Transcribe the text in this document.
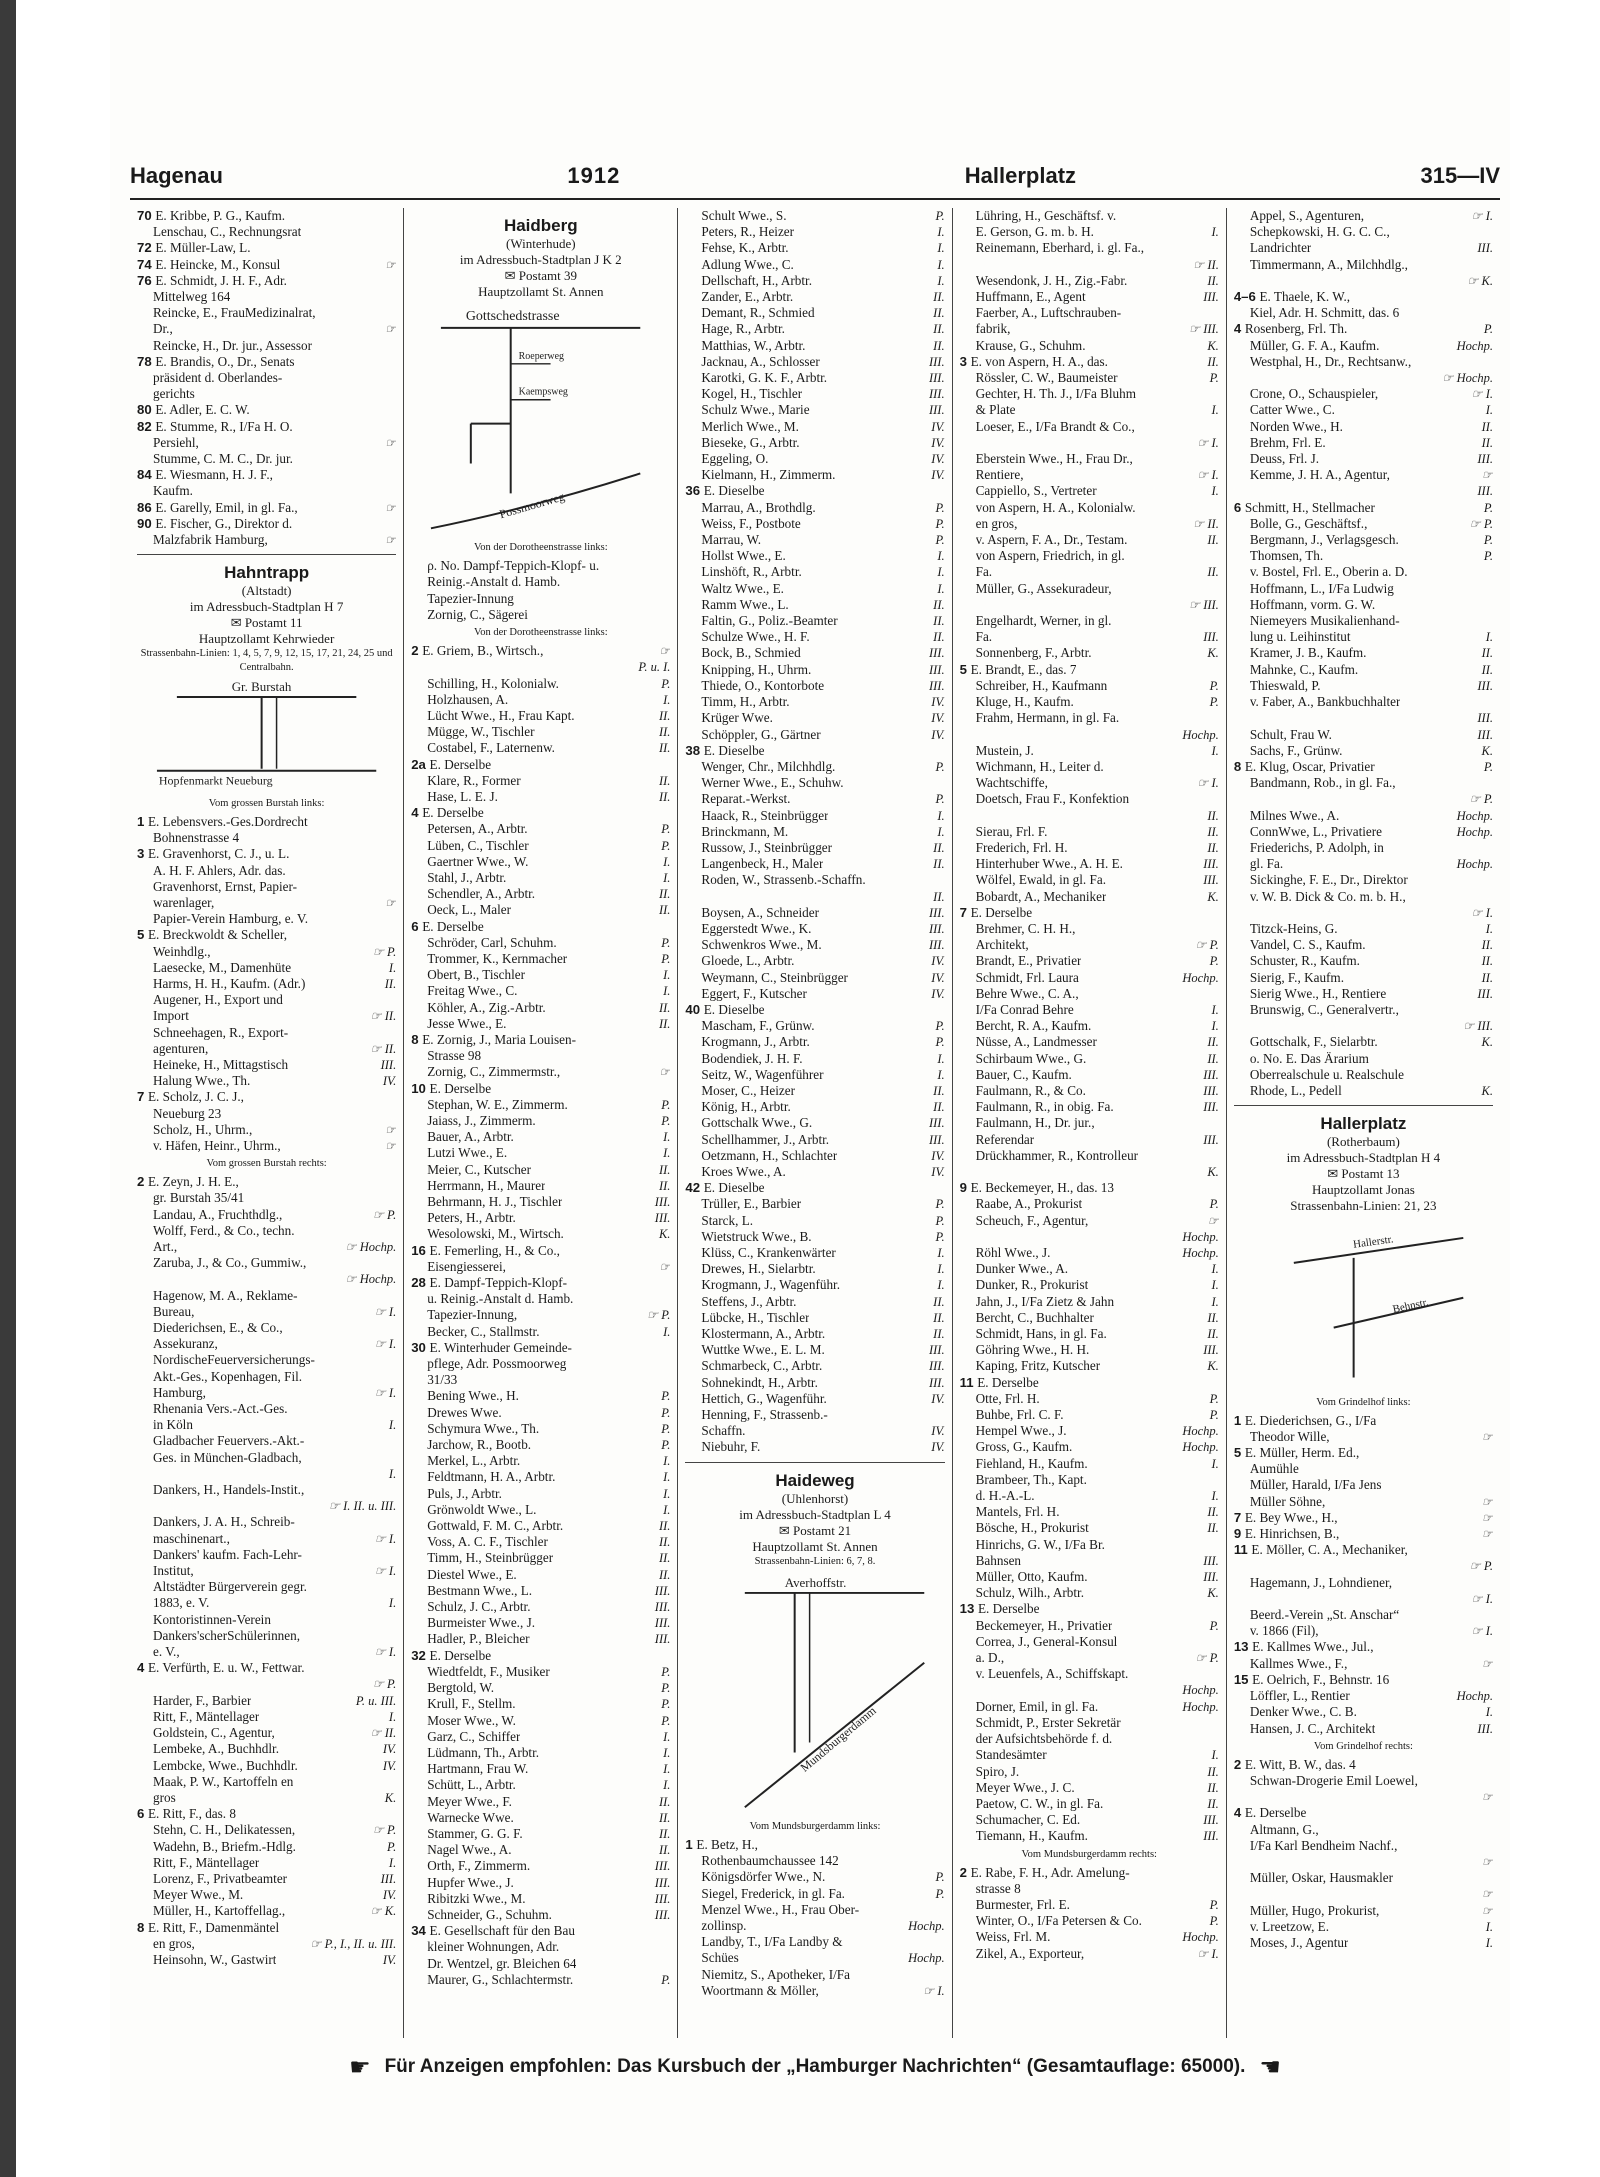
Hagenau	1912	Hallerplatz	315—IV
70 E. Kribbe, P. G., Kaufm.
Lenschau, C., Rechnungsrat
72 E. Müller-Law, L.
74 E. Heincke, M., Konsul	☞
76 E. Schmidt, J. H. F., Adr.
Mittelweg 164
Reincke, E., FrauMedizinalrat,
Dr.,	☞
Reincke, H., Dr. jur., Assessor
78 E. Brandis, O., Dr., Senats
präsident d. Oberlandes-
gerichts
80 E. Adler, E. C. W.
82 E. Stumme, R., I/Fa H. O.
Persiehl,	☞
Stumme, C. M. C., Dr. jur.
84 E. Wiesmann, H. J. F.,
Kaufm.
86 E. Garelly, Emil, in gl. Fa.,	☞
90 E. Fischer, G., Direktor d.
Malzfabrik Hamburg,	☞
Hahntrapp
(Altstadt)
im Adressbuch-Stadtplan H 7
✉ Postamt 11
Hauptzollamt Kehrwieder
Strassenbahn-Linien: 1, 4, 5, 7, 9, 12, 15, 17, 21, 24, 25 und Centralbahn.
Gr. Burstah
Hopfenmarkt Neueburg
Vom grossen Burstah links:
1 E. Lebensvers.-Ges.Dordrecht
Bohnenstrasse 4
3 E. Gravenhorst, C. J., u. L.
A. H. F. Ahlers, Adr. das.
Gravenhorst, Ernst, Papier-
warenlager,	☞
Papier-Verein Hamburg, e. V.
5 E. Breckwoldt & Scheller,
Weinhdlg.,	☞ P.
Laesecke, M., Damenhüte	I.
Harms, H. H., Kaufm. (Adr.)	II.
Augener, H., Export und
Import	☞ II.
Schneehagen, R., Export-
agenturen,	☞ II.
Heineke, H., Mittagstisch	III.
Halung Wwe., Th.	IV.
7 E. Scholz, J. C. J.,
Neueburg 23
Scholz, H., Uhrm.,	☞
v. Häfen, Heinr., Uhrm.,	☞
Vom grossen Burstah rechts:
2 E. Zeyn, J. H. E.,
gr. Burstah 35/41
Landau, A., Fruchthdlg.,	☞ P.
Wolff, Ferd., & Co., techn.
Art.,	☞ Hochp.
Zaruba, J., & Co., Gummiw.,
☞ Hochp.
Hagenow, M. A., Reklame-
Bureau,	☞ I.
Diederichsen, E., & Co.,
Assekuranz,	☞ I.
NordischeFeuerversicherungs-
Akt.-Ges., Kopenhagen, Fil.
Hamburg,	☞ I.
Rhenania Vers.-Act.-Ges.
in Köln	I.
Gladbacher Feuervers.-Akt.-
Ges. in München-Gladbach,
I.
Dankers, H., Handels-Instit.,
☞ I. II. u. III.
Dankers, J. A. H., Schreib-
maschinenart.,	☞ I.
Dankers' kaufm. Fach-Lehr-
Institut,	☞ I.
Altstädter Bürgerverein gegr.
1883, e. V.	I.
Kontoristinnen-Verein
Dankers'scherSchülerinnen,
e. V.,	☞ I.
4 E. Verfürth, E. u. W., Fettwar.
☞ P.
Harder, F., Barbier	P. u. III.
Ritt, F., Mäntellager	I.
Goldstein, C., Agentur,	☞ II.
Lembeke, A., Buchhdlr.	IV.
Lembcke, Wwe., Buchhdlr.	IV.
Maak, P. W., Kartoffeln en
gros	K.
6 E. Ritt, F., das. 8
Stehn, C. H., Delikatessen,	☞ P.
Wadehn, B., Briefm.-Hdlg.	P.
Ritt, F., Mäntellager	I.
Lorenz, F., Privatbeamter	III.
Meyer Wwe., M.	IV.
Müller, H., Kartoffellag.,	☞ K.
8 E. Ritt, F., Damenmäntel
en gros,	☞ P., I., II. u. III.
Heinsohn, W., Gastwirt	IV.
Haidberg
(Winterhude)
im Adressbuch-Stadtplan J K 2
✉ Postamt 39
Hauptzollamt St. Annen
Gottschedstrasse
Roeperweg
Kaempsweg
Possmoorweg
Von der Dorotheenstrasse links:
ρ. No. Dampf-Teppich-Klopf- u.
Reinig.-Anstalt d. Hamb.
Tapezier-Innung
Zornig, C., Sägerei
Von der Dorotheenstrasse links:
2 E. Griem, B., Wirtsch.,	☞
P. u. I.
Schilling, H., Kolonialw.	P.
Holzhausen, A.	I.
Lücht Wwe., H., Frau Kapt.	II.
Mügge, W., Tischler	II.
Costabel, F., Laternenw.	II.
2a E. Derselbe
Klare, R., Former	II.
Hase, L. E. J.	II.
4 E. Derselbe
Petersen, A., Arbtr.	P.
Lüben, C., Tischler	P.
Gaertner Wwe., W.	I.
Stahl, J., Arbtr.	I.
Schendler, A., Arbtr.	II.
Oeck, L., Maler	II.
6 E. Derselbe
Schröder, Carl, Schuhm.	P.
Trommer, K., Kernmacher	P.
Obert, B., Tischler	I.
Freitag Wwe., C.	I.
Köhler, A., Zig.-Arbtr.	II.
Jesse Wwe., E.	II.
8 E. Zornig, J., Maria Louisen-
Strasse 98
Zornig, C., Zimmermstr.,	☞
10 E. Derselbe
Stephan, W. E., Zimmerm.	P.
Jaiass, J., Zimmerm.	P.
Bauer, A., Arbtr.	I.
Lutzi Wwe., E.	I.
Meier, C., Kutscher	II.
Herrmann, H., Maurer	II.
Behrmann, H. J., Tischler	III.
Peters, H., Arbtr.	III.
Wesolowski, M., Wirtsch.	K.
16 E. Femerling, H., & Co.,
Eisengiesserei,	☞
28 E. Dampf-Teppich-Klopf-
u. Reinig.-Anstalt d. Hamb.
Tapezier-Innung,	☞ P.
Becker, C., Stallmstr.	I.
30 E. Winterhuder Gemeinde-
pflege, Adr. Possmoorweg
31/33
Bening Wwe., H.	P.
Drewes Wwe.	P.
Schymura Wwe., Th.	P.
Jarchow, R., Bootb.	P.
Merkel, L., Arbtr.	I.
Feldtmann, H. A., Arbtr.	I.
Puls, J., Arbtr.	I.
Grönwoldt Wwe., L.	I.
Gottwald, F. M. C., Arbtr.	II.
Voss, A. C. F., Tischler	II.
Timm, H., Steinbrügger	II.
Diestel Wwe., E.	II.
Bestmann Wwe., L.	III.
Schulz, J. C., Arbtr.	III.
Burmeister Wwe., J.	III.
Hadler, P., Bleicher	III.
32 E. Derselbe
Wiedtfeldt, F., Musiker	P.
Bergtold, W.	P.
Krull, F., Stellm.	P.
Moser Wwe., W.	P.
Garz, C., Schiffer	I.
Lüdmann, Th., Arbtr.	I.
Hartmann, Frau W.	I.
Schütt, L., Arbtr.	I.
Meyer Wwe., F.	II.
Warnecke Wwe.	II.
Stammer, G. G. F.	II.
Nagel Wwe., A.	II.
Orth, F., Zimmerm.	III.
Hupfer Wwe., J.	III.
Ribitzki Wwe., M.	III.
Schneider, G., Schuhm.	III.
34 E. Gesellschaft für den Bau
kleiner Wohnungen, Adr.
Dr. Wentzel, gr. Bleichen 64
Maurer, G., Schlachtermstr.	P.
Schult Wwe., S.	P.
Peters, R., Heizer	I.
Fehse, K., Arbtr.	I.
Adlung Wwe., C.	I.
Dellschaft, H., Arbtr.	I.
Zander, E., Arbtr.	II.
Demant, R., Schmied	II.
Hage, R., Arbtr.	II.
Matthias, W., Arbtr.	II.
Jacknau, A., Schlosser	III.
Karotki, G. K. F., Arbtr.	III.
Kogel, H., Tischler	III.
Schulz Wwe., Marie	III.
Merlich Wwe., M.	IV.
Bieseke, G., Arbtr.	IV.
Eggeling, O.	IV.
Kielmann, H., Zimmerm.	IV.
36 E. Dieselbe
Marrau, A., Brothdlg.	P.
Weiss, F., Postbote	P.
Marrau, W.	P.
Hollst Wwe., E.	I.
Linshöft, R., Arbtr.	I.
Waltz Wwe., E.	I.
Ramm Wwe., L.	II.
Faltin, G., Poliz.-Beamter	II.
Schulze Wwe., H. F.	II.
Bock, B., Schmied	III.
Knipping, H., Uhrm.	III.
Thiede, O., Kontorbote	III.
Timm, H., Arbtr.	IV.
Krüger Wwe.	IV.
Schöppler, G., Gärtner	IV.
38 E. Dieselbe
Wenger, Chr., Milchhdlg.	P.
Werner Wwe., E., Schuhw.
Reparat.-Werkst.	P.
Haack, R., Steinbrügger	I.
Brinckmann, M.	I.
Russow, J., Steinbrügger	II.
Langenbeck, H., Maler	II.
Roden, W., Strassenb.-Schaffn.
II.
Boysen, A., Schneider	III.
Eggerstedt Wwe., K.	III.
Schwenkros Wwe., M.	III.
Gloede, L., Arbtr.	IV.
Weymann, C., Steinbrügger	IV.
Eggert, F., Kutscher	IV.
40 E. Dieselbe
Mascham, F., Grünw.	P.
Krogmann, J., Arbtr.	P.
Bodendiek, J. H. F.	I.
Seitz, W., Wagenführer	I.
Moser, C., Heizer	II.
König, H., Arbtr.	II.
Gottschalk Wwe., G.	III.
Schellhammer, J., Arbtr.	III.
Oetzmann, H., Schlachter	IV.
Kroes Wwe., A.	IV.
42 E. Dieselbe
Trüller, E., Barbier	P.
Starck, L.	P.
Wietstruck Wwe., B.	P.
Klüss, C., Krankenwärter	I.
Drewes, H., Sielarbtr.	I.
Krogmann, J., Wagenführ.	I.
Steffens, J., Arbtr.	II.
Lübcke, H., Tischler	II.
Klostermann, A., Arbtr.	II.
Wuttke Wwe., E. L. M.	III.
Schmarbeck, C., Arbtr.	III.
Sohnekindt, H., Arbtr.	III.
Hettich, G., Wagenführ.	IV.
Henning, F., Strassenb.-
Schaffn.	IV.
Niebuhr, F.	IV.
Haideweg
(Uhlenhorst)
im Adressbuch-Stadtplan L 4
✉ Postamt 21
Hauptzollamt St. Annen
Strassenbahn-Linien: 6, 7, 8.
Averhoffstr.
Mundsburgerdamm
Vom Mundsburgerdamm links:
1 E. Betz, H.,
Rothenbaumchaussee 142
Königsdörfer Wwe., N.	P.
Siegel, Frederick, in gl. Fa.	P.
Menzel Wwe., H., Frau Ober-
zollinsp.	Hochp.
Landby, T., I/Fa Landby &
Schües	Hochp.
Niemitz, S., Apotheker, I/Fa
Woortmann & Möller,	☞ I.
Lühring, H., Geschäftsf. v.
E. Gerson, G. m. b. H.	I.
Reinemann, Eberhard, i. gl. Fa.,
☞ II.
Wesendonk, J. H., Zig.-Fabr.	II.
Huffmann, E., Agent	III.
Faerber, A., Luftschrauben-
fabrik,	☞ III.
Krause, G., Schuhm.	K.
3 E. von Aspern, H. A., das.	II.
Rössler, C. W., Baumeister	P.
Gechter, H. Th. J., I/Fa Bluhm
& Plate	I.
Loeser, E., I/Fa Brandt & Co.,
☞ I.
Eberstein Wwe., H., Frau Dr.,
Rentiere,	☞ I.
Cappiello, S., Vertreter	I.
von Aspern, H. A., Kolonialw.
en gros,	☞ II.
v. Aspern, F. A., Dr., Testam.	II.
von Aspern, Friedrich, in gl.
Fa.	II.
Müller, G., Assekuradeur,
☞ III.
Engelhardt, Werner, in gl.
Fa.	III.
Sonnenberg, F., Arbtr.	K.
5 E. Brandt, E., das. 7
Schreiber, H., Kaufmann	P.
Kluge, H., Kaufm.	P.
Frahm, Hermann, in gl. Fa.
Hochp.
Mustein, J.	I.
Wichmann, H., Leiter d.
Wachtschiffe,	☞ I.
Doetsch, Frau F., Konfektion
II.
Sierau, Frl. F.	II.
Frederich, Frl. H.	II.
Hinterhuber Wwe., A. H. E.	III.
Wölfel, Ewald, in gl. Fa.	III.
Bobardt, A., Mechaniker	K.
7 E. Derselbe
Brehmer, C. H. H.,
Architekt,	☞ P.
Brandt, E., Privatier	P.
Schmidt, Frl. Laura	Hochp.
Behre Wwe., C. A.,
I/Fa Conrad Behre	I.
Bercht, R. A., Kaufm.	I.
Nüsse, A., Landmesser	II.
Schirbaum Wwe., G.	II.
Bauer, C., Kaufm.	III.
Faulmann, R., & Co.	III.
Faulmann, R., in obig. Fa.	III.
Faulmann, H., Dr. jur.,
Referendar	III.
Drückhammer, R., Kontrolleur
K.
9 E. Beckemeyer, H., das. 13
Raabe, A., Prokurist	P.
Scheuch, F., Agentur,	☞
Hochp.
Röhl Wwe., J.	Hochp.
Dunker Wwe., A.	I.
Dunker, R., Prokurist	I.
Jahn, J., I/Fa Zietz & Jahn	I.
Bercht, C., Buchhalter	II.
Schmidt, Hans, in gl. Fa.	II.
Göhring Wwe., H. H.	III.
Kaping, Fritz, Kutscher	K.
11 E. Derselbe
Otte, Frl. H.	P.
Buhbe, Frl. C. F.	P.
Hempel Wwe., J.	Hochp.
Gross, G., Kaufm.	Hochp.
Fiehland, H., Kaufm.	I.
Brambeer, Th., Kapt.
d. H.-A.-L.	I.
Mantels, Frl. H.	II.
Bösche, H., Prokurist	II.
Hinrichs, G. W., I/Fa Br.
Bahnsen	III.
Müller, Otto, Kaufm.	III.
Schulz, Wilh., Arbtr.	K.
13 E. Derselbe
Beckemeyer, H., Privatier	P.
Correa, J., General-Konsul
a. D.,	☞ P.
v. Leuenfels, A., Schiffskapt.
Hochp.
Dorner, Emil, in gl. Fa.	Hochp.
Schmidt, P., Erster Sekretär
der Aufsichtsbehörde f. d.
Standesämter	I.
Spiro, J.	II.
Meyer Wwe., J. C.	II.
Paetow, C. W., in gl. Fa.	II.
Schumacher, C. Ed.	III.
Tiemann, H., Kaufm.	III.
Vom Mundsburgerdamm rechts:
2 E. Rabe, F. H., Adr. Amelung-
strasse 8
Burmester, Frl. E.	P.
Winter, O., I/Fa Petersen & Co.	P.
Weiss, Frl. M.	Hochp.
Zikel, A., Exporteur,	☞ I.
Appel, S., Agenturen,	☞ I.
Schepkowski, H. G. C. C.,
Landrichter	III.
Timmermann, A., Milchhdlg.,
☞ K.
4–6 E. Thaele, K. W.,
Kiel, Adr. H. Schmitt, das. 6
4 Rosenberg, Frl. Th.	P.
Müller, G. F. A., Kaufm.	Hochp.
Westphal, H., Dr., Rechtsanw.,
☞ Hochp.
Crone, O., Schauspieler,	☞ I.
Catter Wwe., C.	I.
Norden Wwe., H.	II.
Brehm, Frl. E.	II.
Deuss, Frl. J.	III.
Kemme, J. H. A., Agentur,	☞
III.
6 Schmitt, H., Stellmacher	P.
Bolle, G., Geschäftsf.,	☞ P.
Bergmann, J., Verlagsgesch.	P.
Thomsen, Th.	P.
v. Bostel, Frl. E., Oberin a. D.
Hoffmann, L., I/Fa Ludwig
Hoffmann, vorm. G. W.
Niemeyers Musikalienhand-
lung u. Leihinstitut	I.
Kramer, J. B., Kaufm.	II.
Mahnke, C., Kaufm.	II.
Thieswald, P.	III.
v. Faber, A., Bankbuchhalter
III.
Schult, Frau W.	III.
Sachs, F., Grünw.	K.
8 E. Klug, Oscar, Privatier	P.
Bandmann, Rob., in gl. Fa.,
☞ P.
Milnes Wwe., A.	Hochp.
ConnWwe, L., Privatiere	Hochp.
Friederichs, P. Adolph, in
gl. Fa.	Hochp.
Sickinghe, F. E., Dr., Direktor
v. W. B. Dick & Co. m. b. H.,
☞ I.
Titzck-Heins, G.	I.
Vandel, C. S., Kaufm.	II.
Schuster, R., Kaufm.	II.
Sierig, F., Kaufm.	II.
Sierig Wwe., H., Rentiere	III.
Brunswig, C., Generalvertr.,
☞ III.
Gottschalk, F., Sielarbtr.	K.
o. No. E. Das Ärarium
Oberrealschule u. Realschule
Rhode, L., Pedell	K.
Hallerplatz
(Rotherbaum)
im Adressbuch-Stadtplan H 4
✉ Postamt 13
Hauptzollamt Jonas
Strassenbahn-Linien: 21, 23
Hallerstr.
Behnstr.
Vom Grindelhof links:
1 E. Diederichsen, G., I/Fa
Theodor Wille,	☞
5 E. Müller, Herm. Ed.,
Aumühle
Müller, Harald, I/Fa Jens
Müller Söhne,	☞
7 E. Bey Wwe., H.,	☞
9 E. Hinrichsen, B.,	☞
11 E. Möller, C. A., Mechaniker,
☞ P.
Hagemann, J., Lohndiener,
☞ I.
Beerd.-Verein „St. Anschar“
v. 1866 (Fil),	☞ I.
13 E. Kallmes Wwe., Jul.,
Kallmes Wwe., F.,	☞
15 E. Oelrich, F., Behnstr. 16
Löffler, L., Rentier	Hochp.
Denker Wwe., C. B.	I.
Hansen, J. C., Architekt	III.
Vom Grindelhof rechts:
2 E. Witt, B. W., das. 4
Schwan-Drogerie Emil Loewel,
☞
4 E. Derselbe
Altmann, G.,
I/Fa Karl Bendheim Nachf.,
☞
Müller, Oskar, Hausmakler
☞
Müller, Hugo, Prokurist,	☞
v. Lreetzow, E.	I.
Moses, J., Agentur	I.
☛ Für Anzeigen empfohlen: Das Kursbuch der „Hamburger Nachrichten“ (Gesamtauflage: 65000). ☚
